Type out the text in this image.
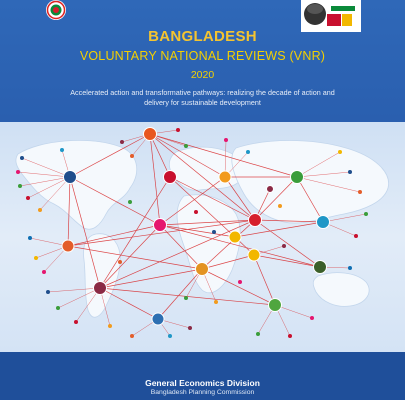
BANGLADESH
VOLUNTARY NATIONAL REVIEWS (VNR)
2020
Accelerated action and transformative pathways: realizing the decade of action and delivery for sustainable development
General Economics Division
Bangladesh Planning Commission
